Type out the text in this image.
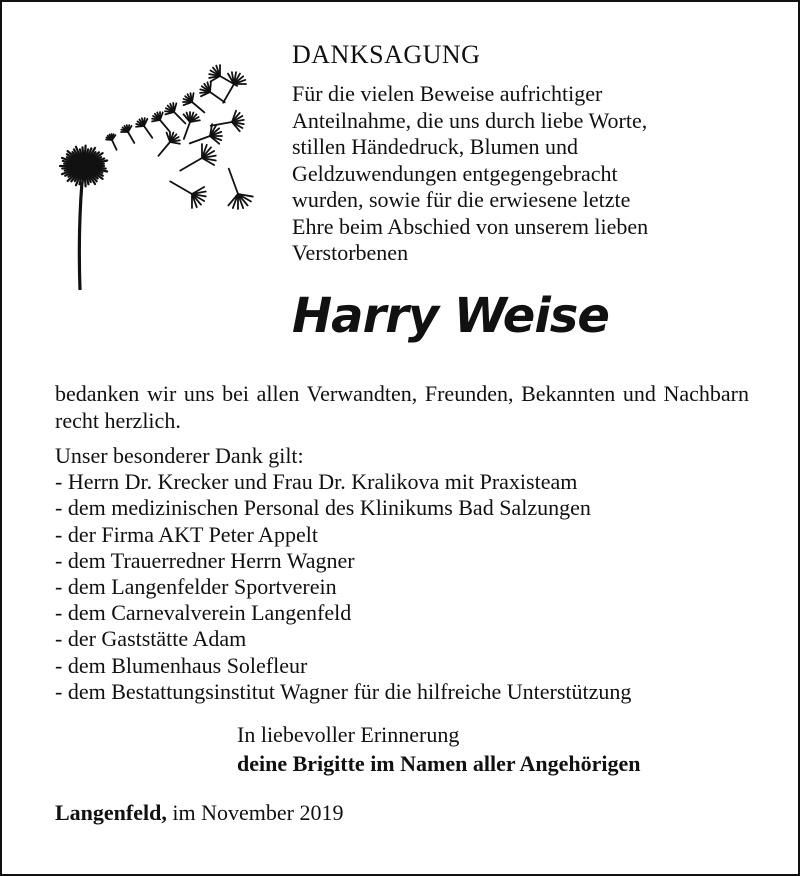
DANKSAGUNG
Für die vielen Beweise aufrichtiger
Anteilnahme, die uns durch liebe Worte,
stillen Händedruck, Blumen und
Geldzuwendungen entgegengebracht
wurden, sowie für die erwiesene letzte
Ehre beim Abschied von unserem lieben
Verstorbenen
Harry Weise
bedanken wir uns bei allen Verwandten, Freunden, Bekannten und Nachbarn recht herzlich.
Unser besonderer Dank gilt:
- Herrn Dr. Krecker und Frau Dr. Kralikova mit Praxisteam
- dem medizinischen Personal des Klinikums Bad Salzungen
- der Firma AKT Peter Appelt
- dem Trauerredner Herrn Wagner
- dem Langenfelder Sportverein
- dem Carnevalverein Langenfeld
- der Gaststätte Adam
- dem Blumenhaus Solefleur
- dem Bestattungsinstitut Wagner für die hilfreiche Unterstützung
In liebevoller Erinnerung
deine Brigitte im Namen aller Angehörigen
Langenfeld, im November 2019
